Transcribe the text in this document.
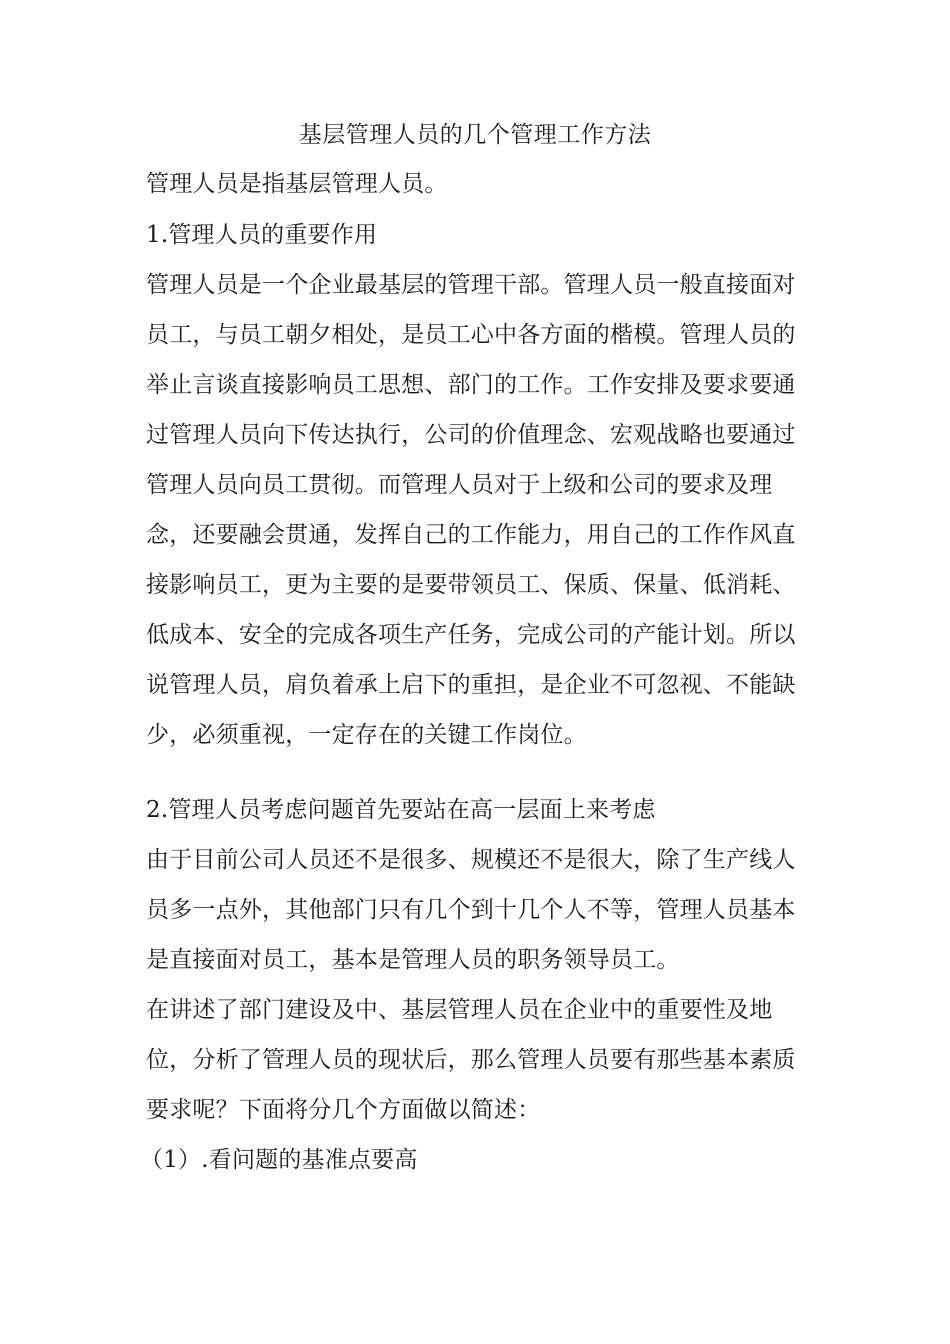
基层管理人员的几个管理工作方法
管理人员是指基层管理人员。
1.管理人员的重要作用
管理人员是一个企业最基层的管理干部。管理人员一般直接面对
员工，与员工朝夕相处，是员工心中各方面的楷模。管理人员的
举止言谈直接影响员工思想、部门的工作。工作安排及要求要通
过管理人员向下传达执行，公司的价值理念、宏观战略也要通过
管理人员向员工贯彻。而管理人员对于上级和公司的要求及理
念，还要融会贯通，发挥自己的工作能力，用自己的工作作风直
接影响员工，更为主要的是要带领员工、保质、保量、低消耗、
低成本、安全的完成各项生产任务，完成公司的产能计划。所以
说管理人员，肩负着承上启下的重担，是企业不可忽视、不能缺
少，必须重视，一定存在的关键工作岗位。
2.管理人员考虑问题首先要站在高一层面上来考虑
由于目前公司人员还不是很多、规模还不是很大，除了生产线人
员多一点外，其他部门只有几个到十几个人不等，管理人员基本
是直接面对员工，基本是管理人员的职务领导员工。
在讲述了部门建设及中、基层管理人员在企业中的重要性及地
位，分析了管理人员的现状后，那么管理人员要有那些基本素质
要求呢？下面将分几个方面做以简述：
（1）.看问题的基准点要高
